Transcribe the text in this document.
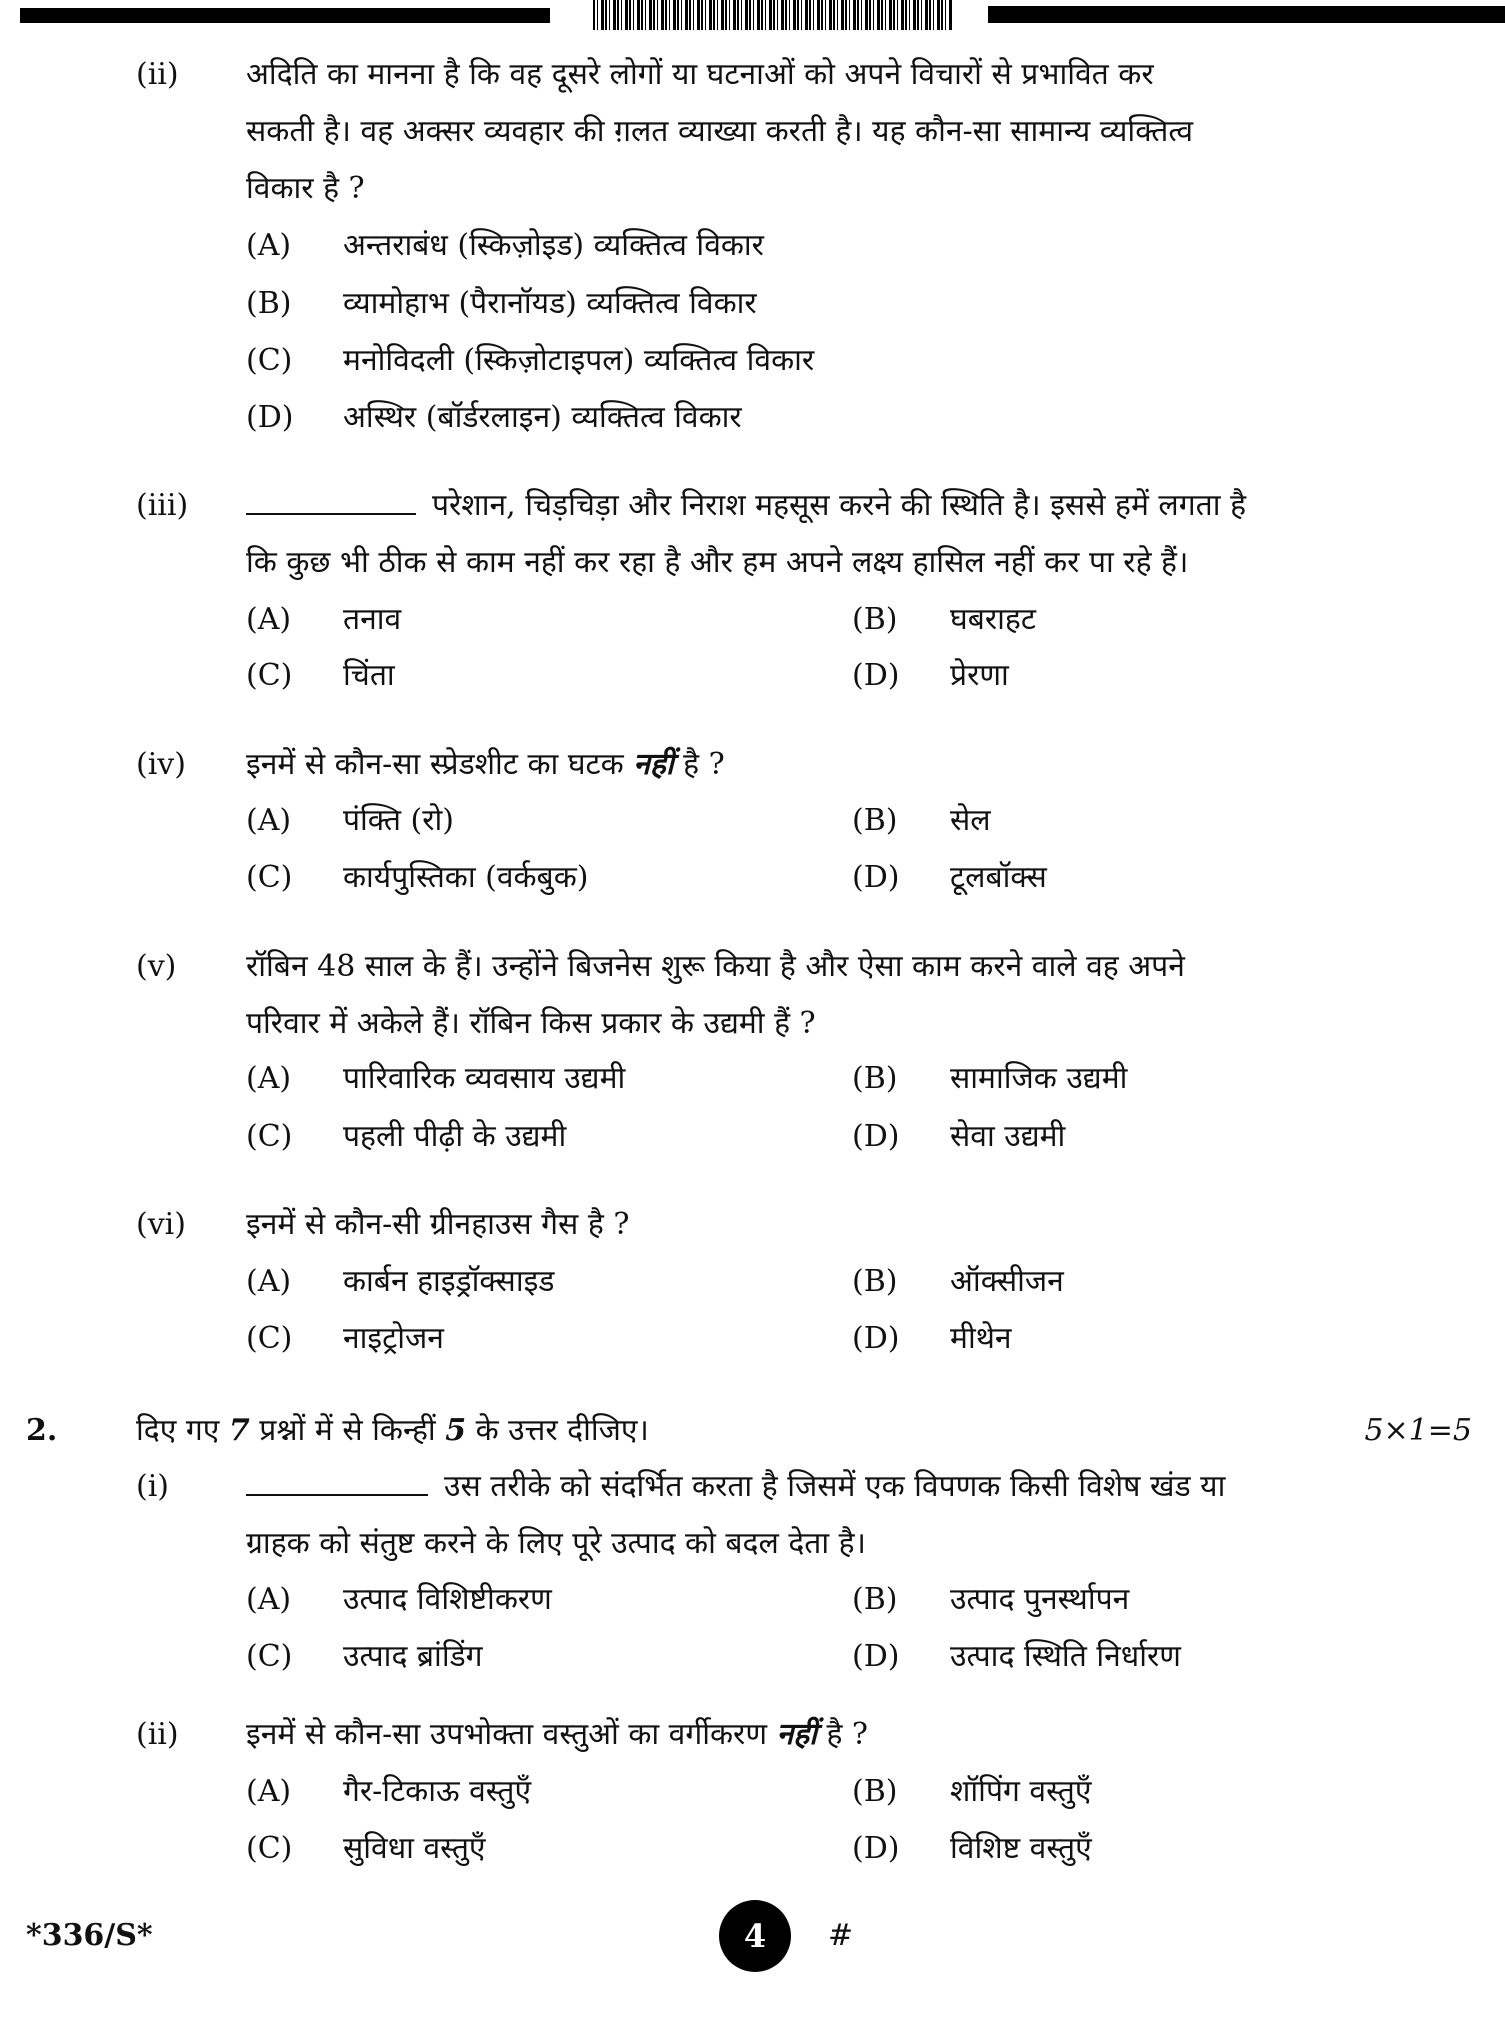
(ii) अदिति का मानना है कि वह दूसरे लोगों या घटनाओं को अपने विचारों से प्रभावित कर
सकती है। वह अक्सर व्यवहार की ग़लत व्याख्या करती है। यह कौन-सा सामान्य व्यक्तित्व
विकार है ?
(A) अन्तराबंध (स्किज़ोइड) व्यक्तित्व विकार
(B) व्यामोहाभ (पैरानॉयड) व्यक्तित्व विकार
(C) मनोविदली (स्किज़ोटाइपल) व्यक्तित्व विकार
(D) अस्थिर (बॉर्डरलाइन) व्यक्तित्व विकार
(iii)	परेशान, चिड़चिड़ा और निराश महसूस करने की स्थिति है। इससे हमें लगता है
कि कुछ भी ठीक से काम नहीं कर रहा है और हम अपने लक्ष्य हासिल नहीं कर पा रहे हैं।
(A) तनाव	(B) घबराहट
(C) चिंता	(D) प्रेरणा
(iv) इनमें से कौन-सा स्प्रेडशीट का घटक नहीं है ?
(A) पंक्ति (रो)	(B) सेल
(C) कार्यपुस्तिका (वर्कबुक)	(D) टूलबॉक्स
(v) रॉबिन 48 साल के हैं। उन्होंने बिजनेस शुरू किया है और ऐसा काम करने वाले वह अपने
परिवार में अकेले हैं। रॉबिन किस प्रकार के उद्यमी हैं ?
(A) पारिवारिक व्यवसाय उद्यमी	(B) सामाजिक उद्यमी
(C) पहली पीढ़ी के उद्यमी	(D) सेवा उद्यमी
(vi) इनमें से कौन-सी ग्रीनहाउस गैस है ?
(A) कार्बन हाइड्रॉक्साइड	(B) ऑक्सीजन
(C) नाइट्रोजन	(D) मीथेन
2.	दिए गए 7 प्रश्नों में से किन्हीं 5 के उत्तर दीजिए।	5×1=5
(i)	उस तरीके को संदर्भित करता है जिसमें एक विपणक किसी विशेष खंड या
ग्राहक को संतुष्ट करने के लिए पूरे उत्पाद को बदल देता है।
(A) उत्पाद विशिष्टीकरण	(B) उत्पाद पुनर्स्थापन
(C) उत्पाद ब्रांडिंग	(D) उत्पाद स्थिति निर्धारण
(ii) इनमें से कौन-सा उपभोक्ता वस्तुओं का वर्गीकरण नहीं है ?
(A) गैर-टिकाऊ वस्तुएँ	(B) शॉपिंग वस्तुएँ
(C) सुविधा वस्तुएँ	(D) विशिष्ट वस्तुएँ
*336/S*	4	#
